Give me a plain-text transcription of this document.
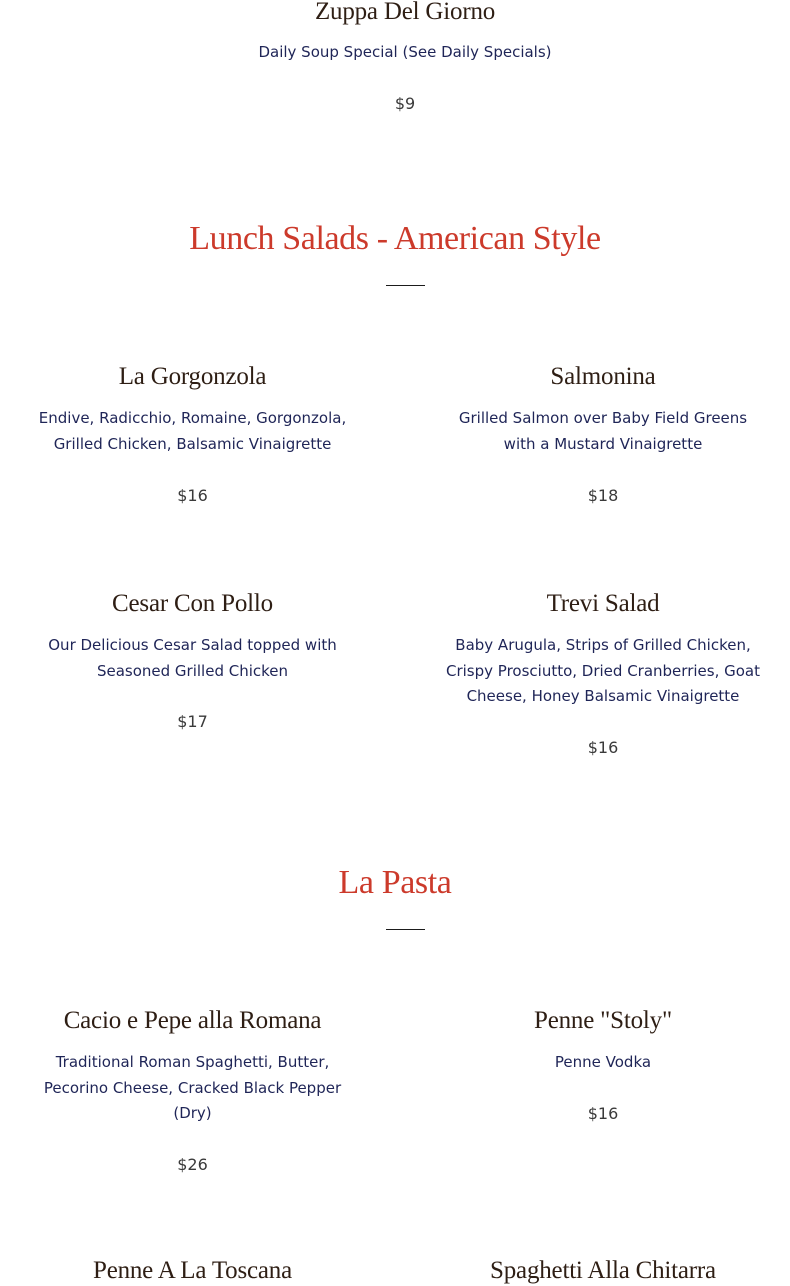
Zuppa Del Giorno
Daily Soup Special (See Daily Specials)
$9
Lunch Salads - American Style
La Gorgonzola
Endive, Radicchio, Romaine, Gorgonzola,
Grilled Chicken, Balsamic Vinaigrette
$16
Salmonina
Grilled Salmon over Baby Field Greens
with a Mustard Vinaigrette
$18
Cesar Con Pollo
Our Delicious Cesar Salad topped with
Seasoned Grilled Chicken
$17
Trevi Salad
Baby Arugula, Strips of Grilled Chicken,
Crispy Prosciutto, Dried Cranberries, Goat
Cheese, Honey Balsamic Vinaigrette
$16
La Pasta
Cacio e Pepe alla Romana
Traditional Roman Spaghetti, Butter,
Pecorino Cheese, Cracked Black Pepper
(Dry)
$26
Penne "Stoly"
Penne Vodka
$16
Penne A La Toscana	Spaghetti Alla Chitarra
